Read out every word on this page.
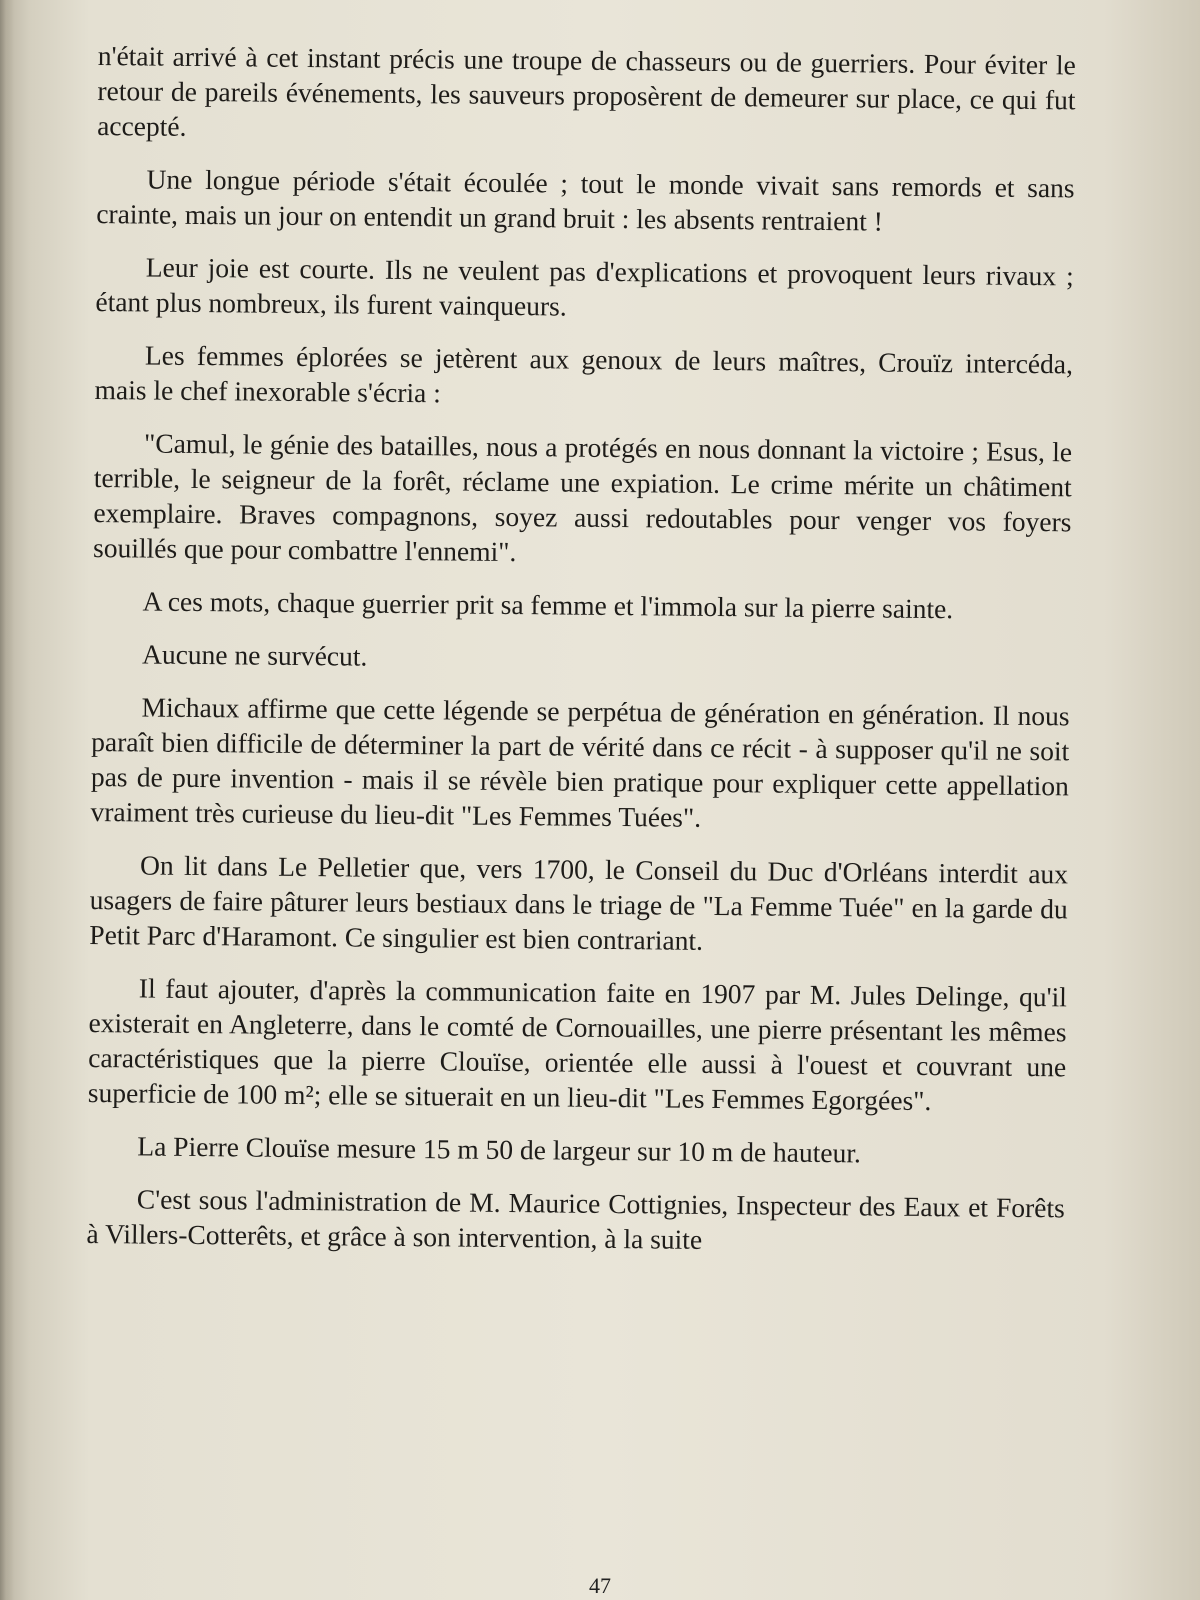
n'était arrivé à cet instant précis une troupe de chasseurs ou de guerriers. Pour éviter le retour de pareils événements, les sauveurs proposèrent de demeurer sur place, ce qui fut accepté.

Une longue période s'était écoulée ; tout le monde vivait sans remords et sans crainte, mais un jour on entendit un grand bruit : les absents rentraient !

Leur joie est courte. Ils ne veulent pas d'explications et provoquent leurs rivaux ; étant plus nombreux, ils furent vainqueurs.

Les femmes éplorées se jetèrent aux genoux de leurs maîtres, Crouïz intercéda, mais le chef inexorable s'écria :

"Camul, le génie des batailles, nous a protégés en nous donnant la victoire ; Esus, le terrible, le seigneur de la forêt, réclame une expiation. Le crime mérite un châtiment exemplaire. Braves compagnons, soyez aussi redoutables pour venger vos foyers souillés que pour combattre l'ennemi".

A ces mots, chaque guerrier prit sa femme et l'immola sur la pierre sainte.

Aucune ne survécut.

Michaux affirme que cette légende se perpétua de génération en génération. Il nous paraît bien difficile de déterminer la part de vérité dans ce récit - à supposer qu'il ne soit pas de pure invention - mais il se révèle bien pratique pour expliquer cette appellation vraiment très curieuse du lieu-dit "Les Femmes Tuées".

On lit dans Le Pelletier que, vers 1700, le Conseil du Duc d'Orléans interdit aux usagers de faire pâturer leurs bestiaux dans le triage de "La Femme Tuée" en la garde du Petit Parc d'Haramont. Ce singulier est bien contrariant.

Il faut ajouter, d'après la communication faite en 1907 par M. Jules Delinge, qu'il existerait en Angleterre, dans le comté de Cornouailles, une pierre présentant les mêmes caractéristiques que la pierre Clouïse, orientée elle aussi à l'ouest et couvrant une superficie de 100 m²; elle se situerait en un lieu-dit "Les Femmes Egorgées".

La Pierre Clouïse mesure 15 m 50 de largeur sur 10 m de hauteur.

C'est sous l'administration de M. Maurice Cottignies, Inspecteur des Eaux et Forêts à Villers-Cotterêts, et grâce à son intervention, à la suite

47
